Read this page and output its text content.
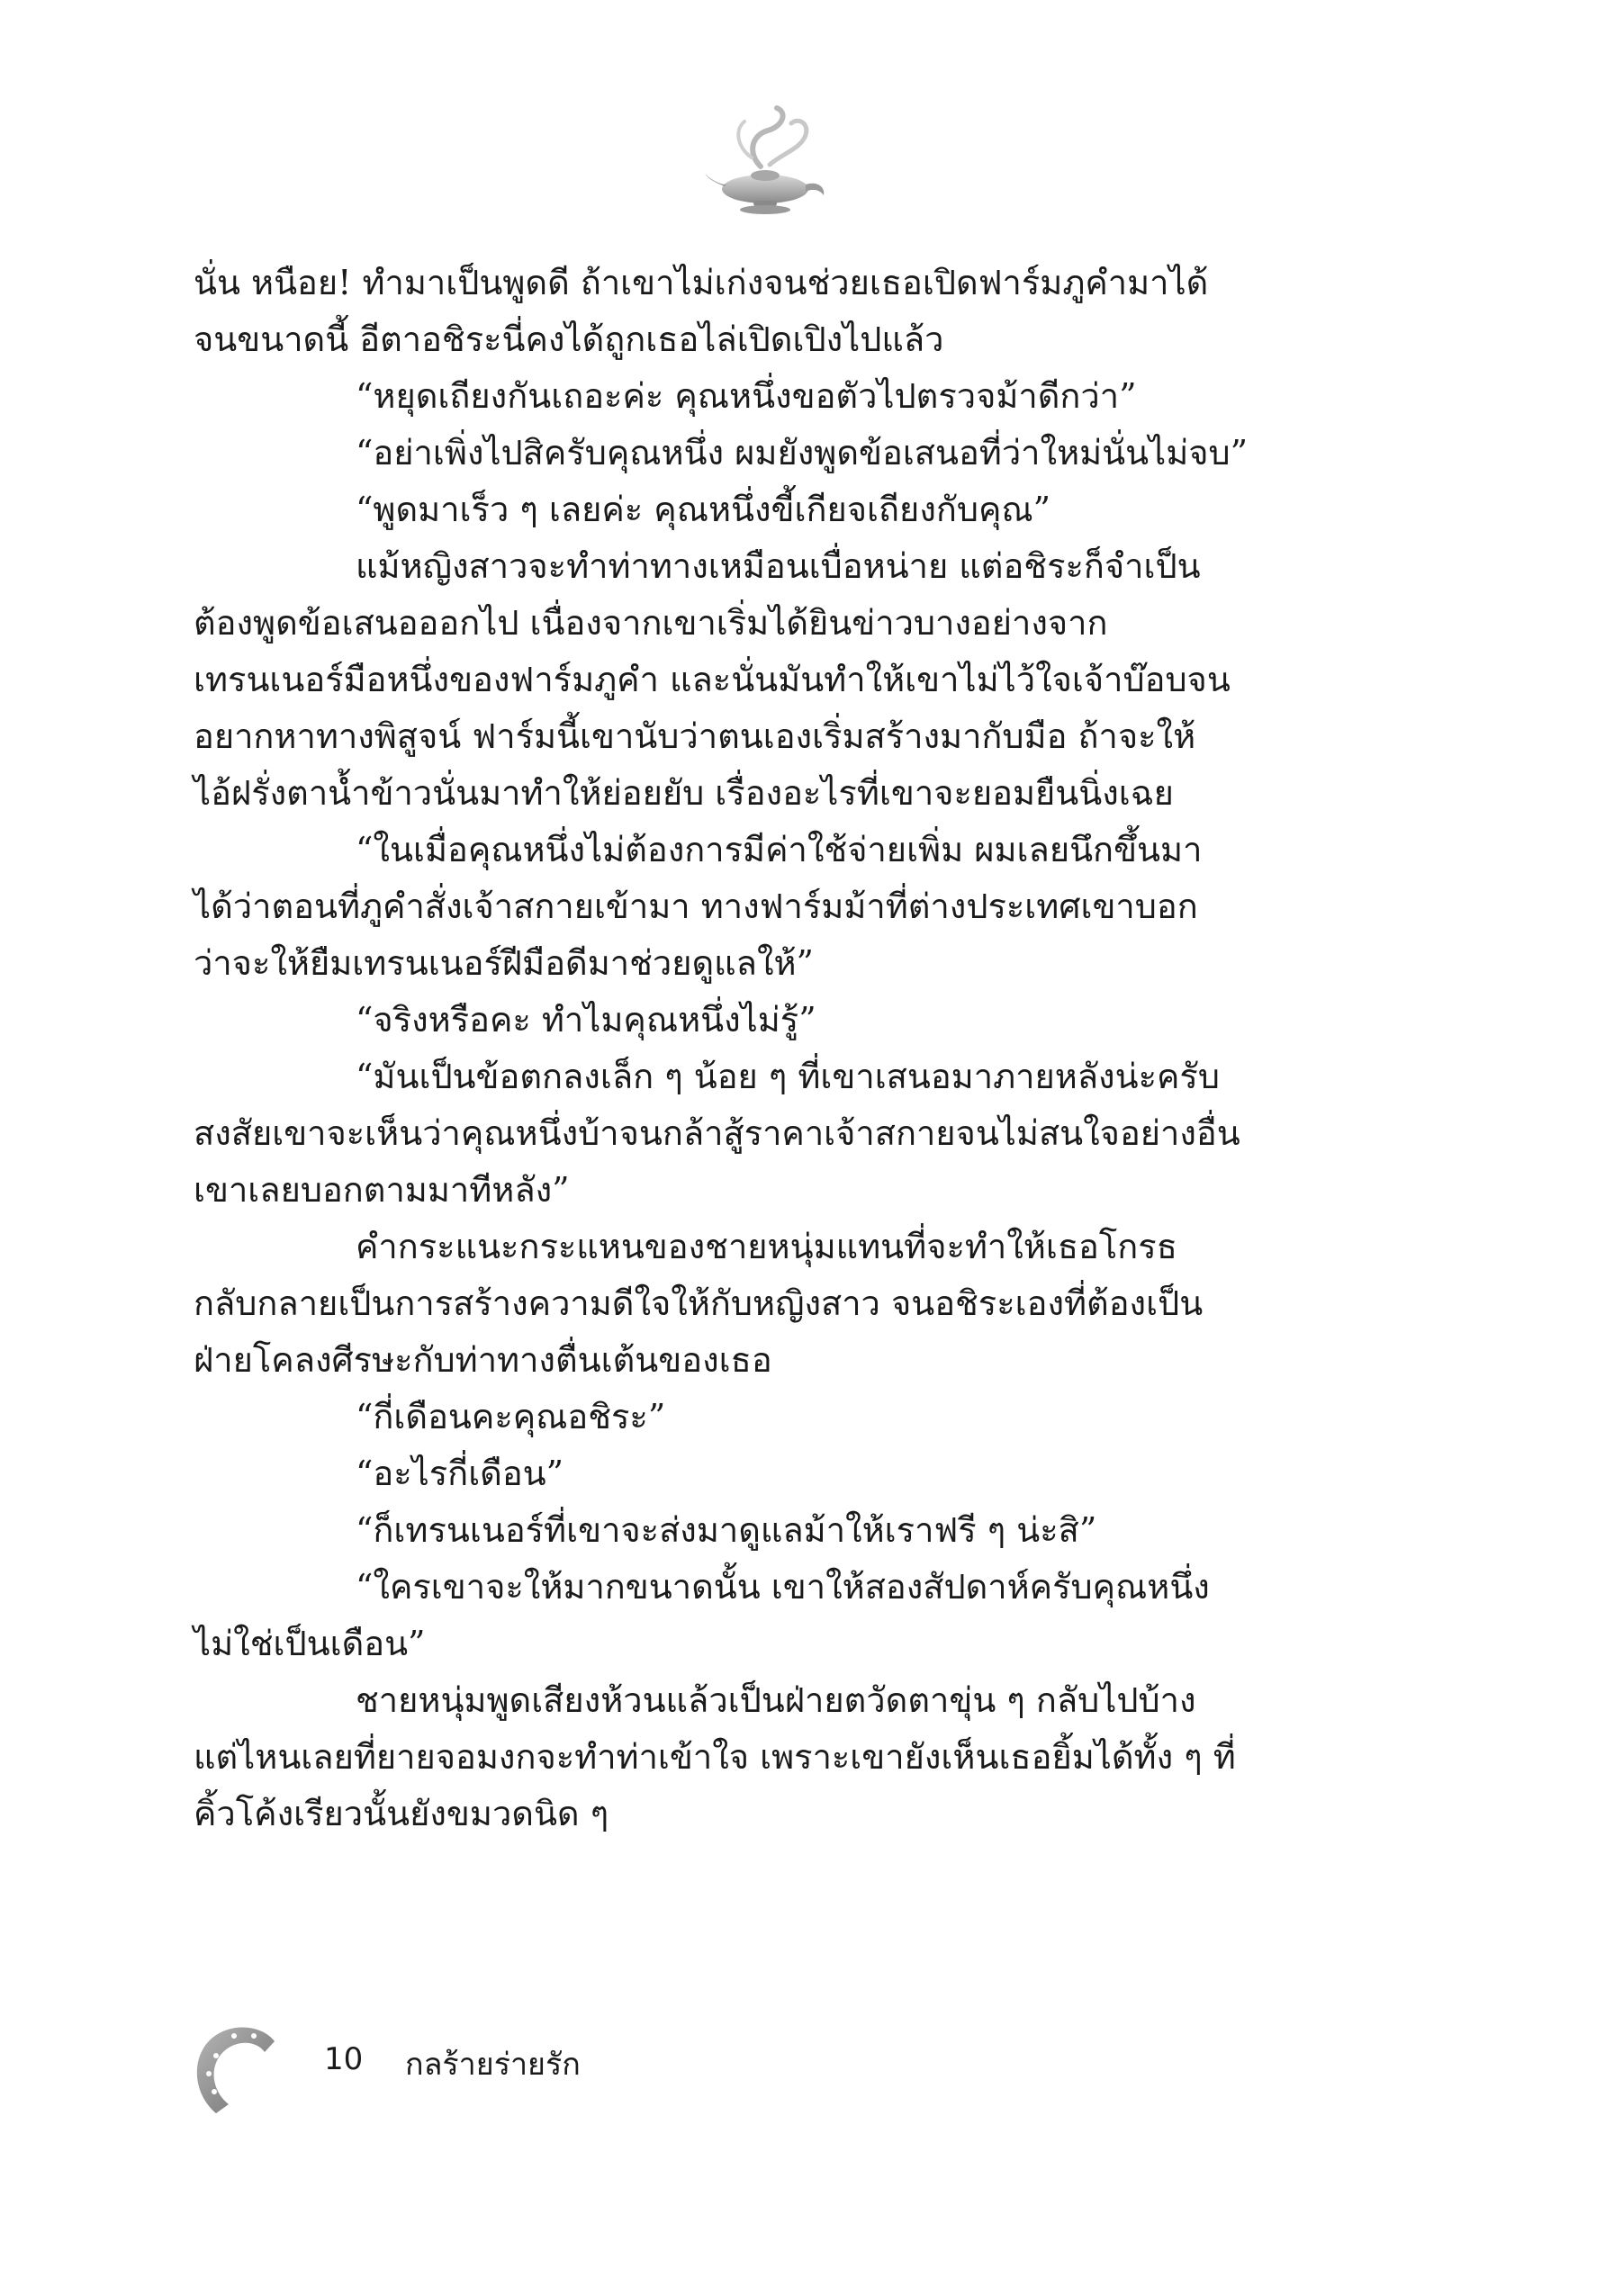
นั่น หนือย! ทำมาเป็นพูดดี ถ้าเขาไม่เก่งจนช่วยเธอเปิดฟาร์มภูคำมาได้
จนขนาดนี้ อีตาอชิระนี่คงได้ถูกเธอไล่เปิดเปิงไปแล้ว
“หยุดเถียงกันเถอะค่ะ คุณหนึ่งขอตัวไปตรวจม้าดีกว่า”
“อย่าเพิ่งไปสิครับคุณหนึ่ง ผมยังพูดข้อเสนอที่ว่าใหม่นั่นไม่จบ”
“พูดมาเร็ว ๆ เลยค่ะ คุณหนึ่งขี้เกียจเถียงกับคุณ”
แม้หญิงสาวจะทำท่าทางเหมือนเบื่อหน่าย แต่อชิระก็จำเป็น
ต้องพูดข้อเสนอออกไป เนื่องจากเขาเริ่มได้ยินข่าวบางอย่างจาก
เทรนเนอร์มือหนึ่งของฟาร์มภูคำ และนั่นมันทำให้เขาไม่ไว้ใจเจ้าบ๊อบจน
อยากหาทางพิสูจน์ ฟาร์มนี้เขานับว่าตนเองเริ่มสร้างมากับมือ ถ้าจะให้
ไอ้ฝรั่งตาน้ำข้าวนั่นมาทำให้ย่อยยับ เรื่องอะไรที่เขาจะยอมยืนนิ่งเฉย
“ในเมื่อคุณหนึ่งไม่ต้องการมีค่าใช้จ่ายเพิ่ม ผมเลยนึกขึ้นมา
ได้ว่าตอนที่ภูคำสั่งเจ้าสกายเข้ามา ทางฟาร์มม้าที่ต่างประเทศเขาบอก
ว่าจะให้ยืมเทรนเนอร์ฝีมือดีมาช่วยดูแลให้”
“จริงหรือคะ ทำไมคุณหนึ่งไม่รู้”
“มันเป็นข้อตกลงเล็ก ๆ น้อย ๆ ที่เขาเสนอมาภายหลังน่ะครับ
สงสัยเขาจะเห็นว่าคุณหนึ่งบ้าจนกล้าสู้ราคาเจ้าสกายจนไม่สนใจอย่างอื่น
เขาเลยบอกตามมาทีหลัง”
คำกระแนะกระแหนของชายหนุ่มแทนที่จะทำให้เธอโกรธ
กลับกลายเป็นการสร้างความดีใจให้กับหญิงสาว จนอชิระเองที่ต้องเป็น
ฝ่ายโคลงศีรษะกับท่าทางตื่นเต้นของเธอ
“กี่เดือนคะคุณอชิระ”
“อะไรกี่เดือน”
“ก็เทรนเนอร์ที่เขาจะส่งมาดูแลม้าให้เราฟรี ๆ น่ะสิ”
“ใครเขาจะให้มากขนาดนั้น เขาให้สองสัปดาห์ครับคุณหนึ่ง
ไม่ใช่เป็นเดือน”
ชายหนุ่มพูดเสียงห้วนแล้วเป็นฝ่ายตวัดตาขุ่น ๆ กลับไปบ้าง
แต่ไหนเลยที่ยายจอมงกจะทำท่าเข้าใจ เพราะเขายังเห็นเธอยิ้มได้ทั้ง ๆ ที่
คิ้วโค้งเรียวนั้นยังขมวดนิด ๆ
10 กลร้ายร่ายรัก
